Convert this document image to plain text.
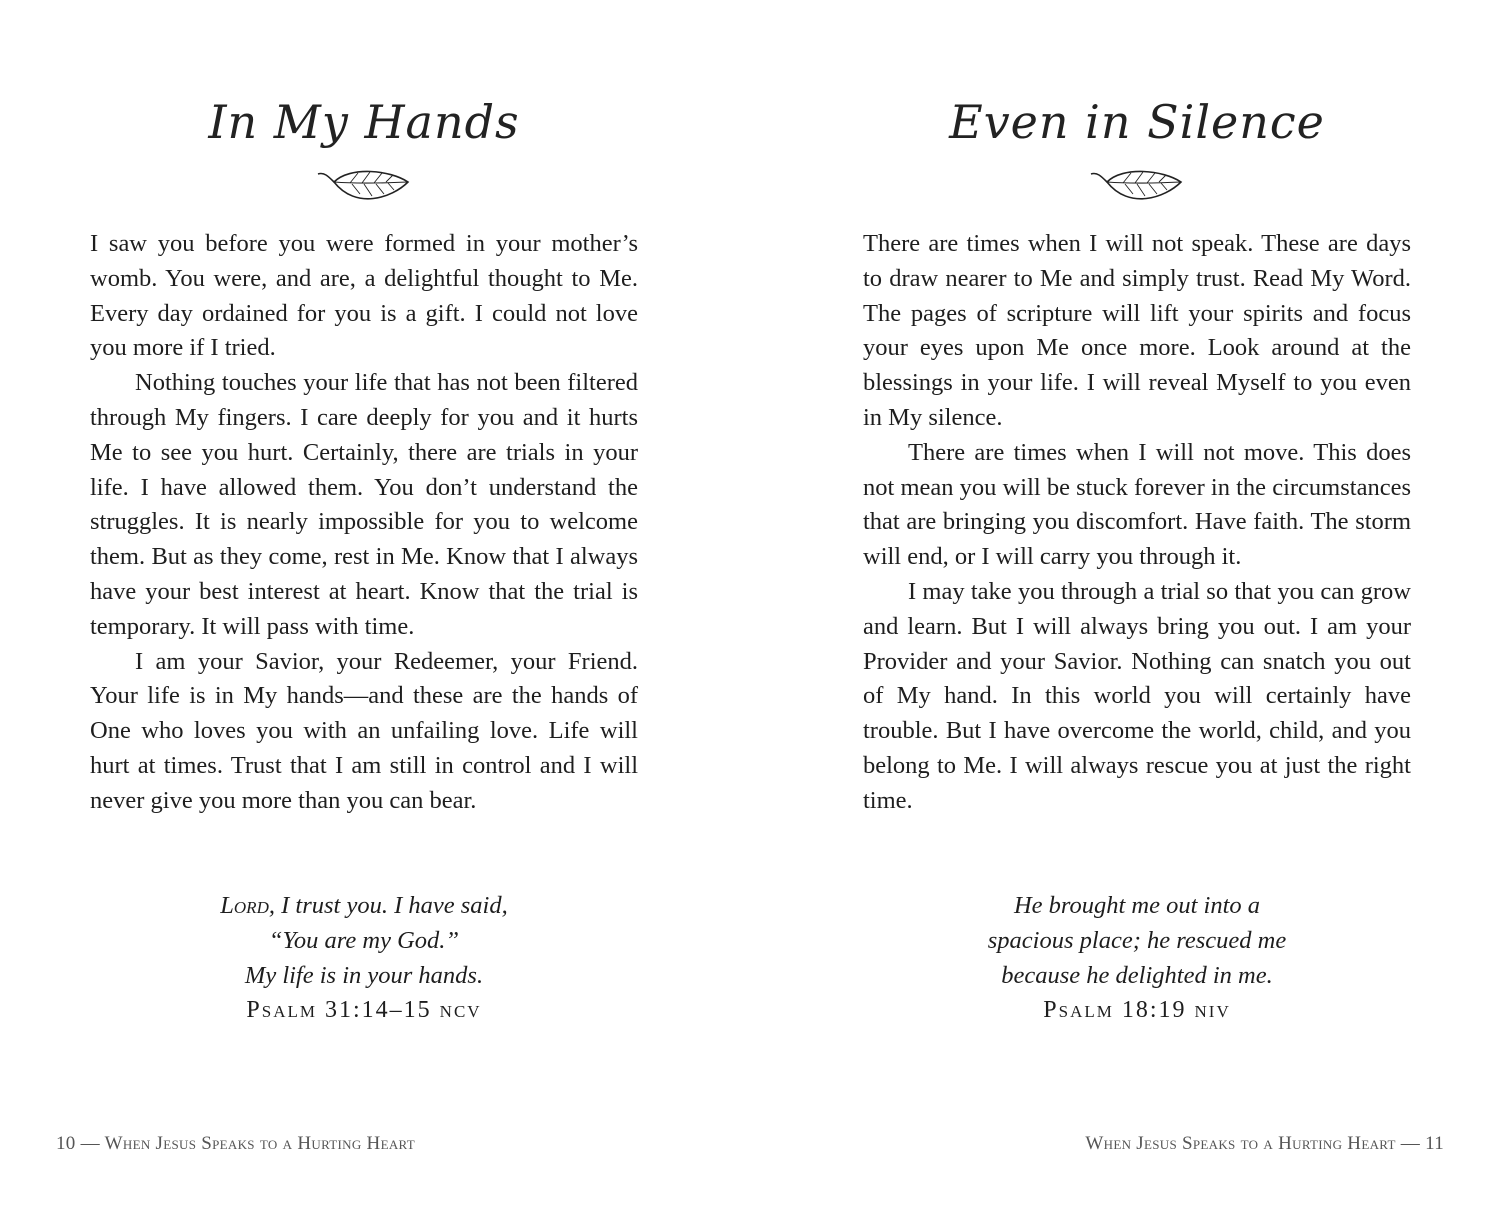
In My Hands

I saw you before you were formed in your mother’s womb. You were, and are, a delightful thought to Me. Every day ordained for you is a gift. I could not love you more if I tried.

Nothing touches your life that has not been filtered through My fingers. I care deeply for you and it hurts Me to see you hurt. Certainly, there are trials in your life. I have allowed them. You don’t understand the struggles. It is nearly impossible for you to welcome them. But as they come, rest in Me. Know that I always have your best interest at heart. Know that the trial is temporary. It will pass with time.

I am your Savior, your Redeemer, your Friend. Your life is in My hands—and these are the hands of One who loves you with an unfailing love. Life will hurt at times. Trust that I am still in control and I will never give you more than you can bear.

Lord, I trust you. I have said,
“You are my God.”
My life is in your hands.
Psalm 31:14–15 ncv
10 — When Jesus Speaks to a Hurting Heart
Even in Silence

There are times when I will not speak. These are days to draw nearer to Me and simply trust. Read My Word. The pages of scripture will lift your spirits and focus your eyes upon Me once more. Look around at the blessings in your life. I will reveal Myself to you even in My silence.

There are times when I will not move. This does not mean you will be stuck forever in the circumstances that are bringing you discomfort. Have faith. The storm will end, or I will carry you through it.

I may take you through a trial so that you can grow and learn. But I will always bring you out. I am your Provider and your Savior. Nothing can snatch you out of My hand. In this world you will certainly have trouble. But I have overcome the world, child, and you belong to Me. I will always rescue you at just the right time.

He brought me out into a
spacious place; he rescued me
because he delighted in me.
Psalm 18:19 niv
When Jesus Speaks to a Hurting Heart — 11
